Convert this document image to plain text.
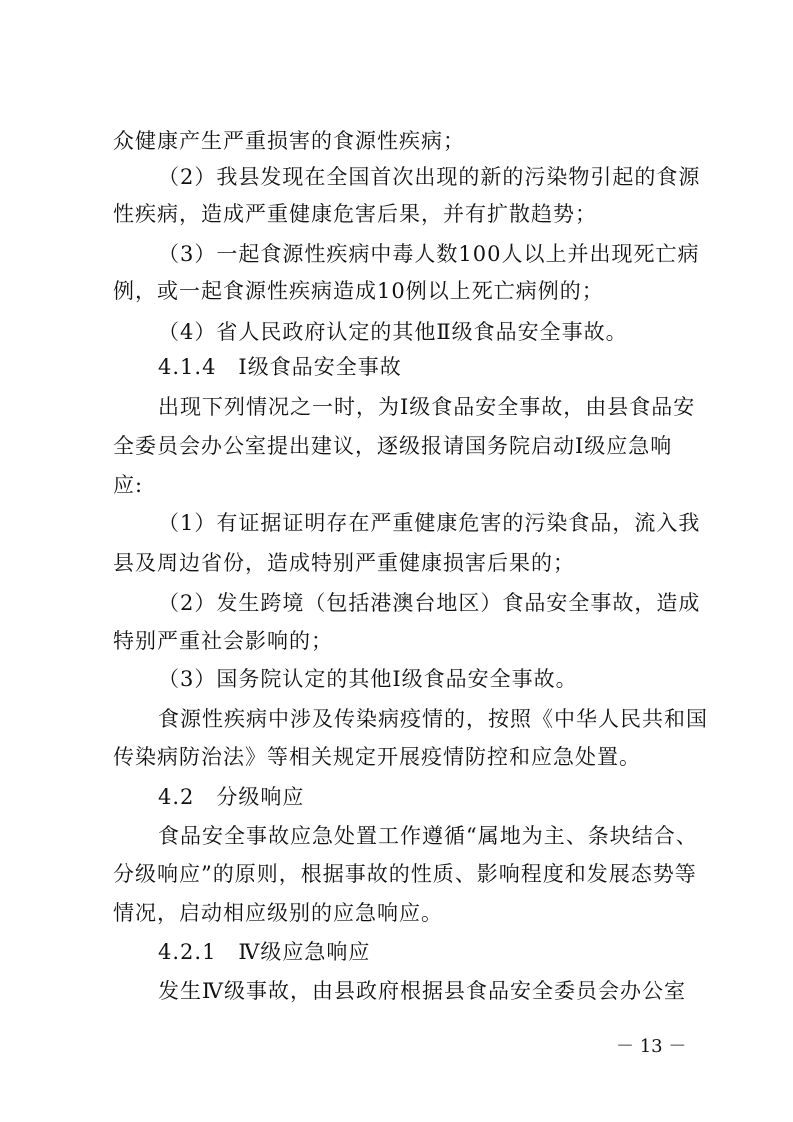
众健康产生严重损害的食源性疾病；
（2）我县发现在全国首次出现的新的污染物引起的食源
性疾病，造成严重健康危害后果，并有扩散趋势；
（3）一起食源性疾病中毒人数100人以上并出现死亡病
例，或一起食源性疾病造成10例以上死亡病例的；
（4）省人民政府认定的其他Ⅱ级食品安全事故。
4.1.4　Ⅰ级食品安全事故
出现下列情况之一时，为Ⅰ级食品安全事故，由县食品安
全委员会办公室提出建议，逐级报请国务院启动Ⅰ级应急响
应:
（1）有证据证明存在严重健康危害的污染食品，流入我
县及周边省份，造成特别严重健康损害后果的；
（2）发生跨境（包括港澳台地区）食品安全事故，造成
特别严重社会影响的；
（3）国务院认定的其他Ⅰ级食品安全事故。
食源性疾病中涉及传染病疫情的，按照《中华人民共和国
传染病防治法》等相关规定开展疫情防控和应急处置。
4.2　分级响应
食品安全事故应急处置工作遵循“属地为主、条块结合、
分级响应”的原则，根据事故的性质、影响程度和发展态势等
情况，启动相应级别的应急响应。
4.2.1　Ⅳ级应急响应
发生Ⅳ级事故，由县政府根据县食品安全委员会办公室
－ 13 －
